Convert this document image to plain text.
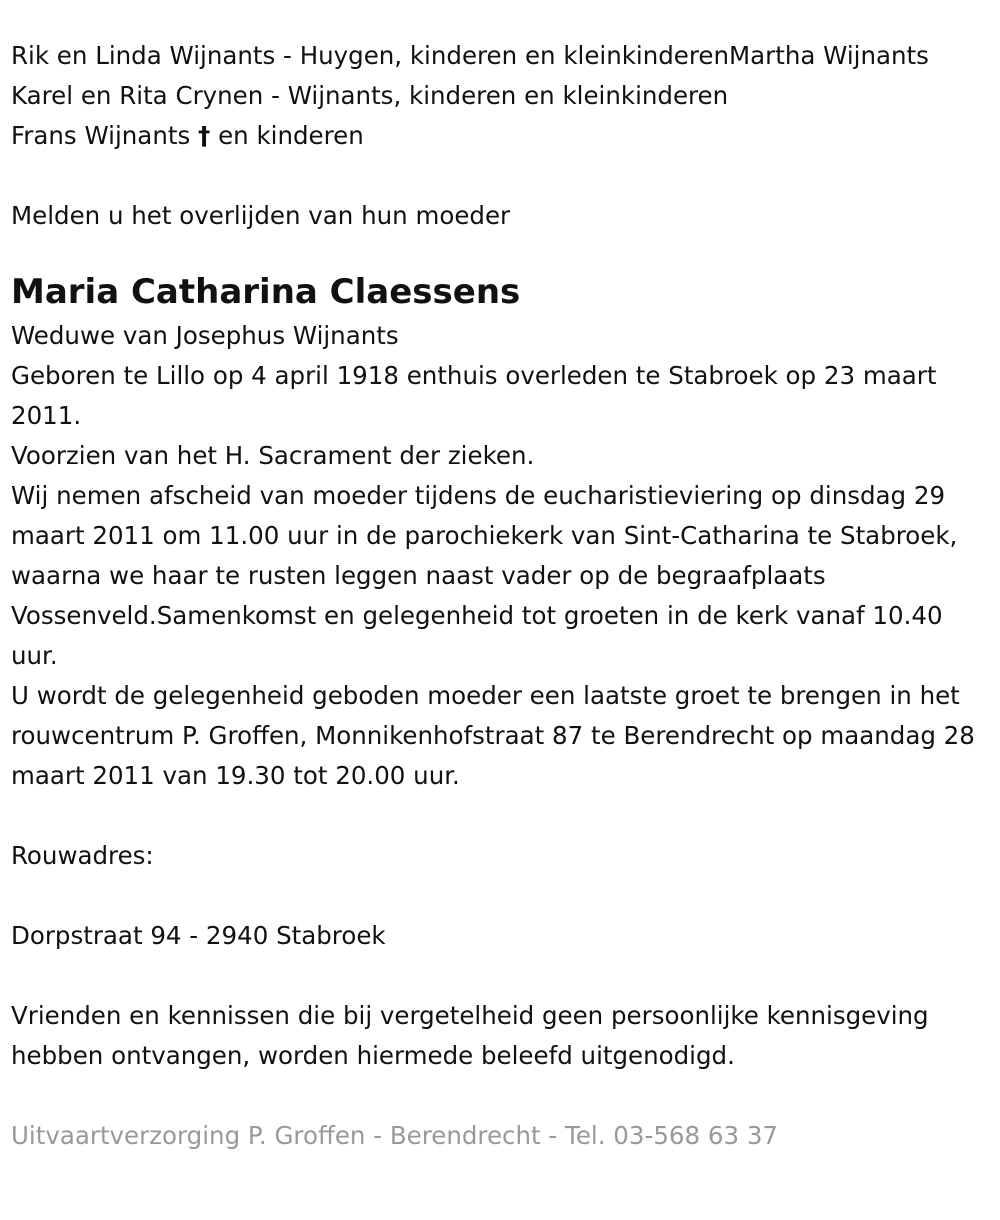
Rik en Linda Wijnants - Huygen, kinderen en kleinkinderenMartha Wijnants

Karel en Rita Crynen - Wijnants, kinderen en kleinkinderen

Frans Wijnants † en kinderen

Melden u het overlijden van hun moeder

Maria Catharina Claessens

Weduwe van Josephus Wijnants

Geboren te Lillo op 4 april 1918 enthuis overleden te Stabroek op 23 maart 2011.

Voorzien van het H. Sacrament der zieken.

Wij nemen afscheid van moeder tijdens de eucharistieviering op dinsdag 29 maart 2011 om 11.00 uur in de parochiekerk van Sint-Catharina te Stabroek, waarna we haar te rusten leggen naast vader op de begraafplaats Vossenveld.Samenkomst en gelegenheid tot groeten in de kerk vanaf 10.40 uur.

U wordt de gelegenheid geboden moeder een laatste groet te brengen in het rouwcentrum P. Groffen, Monnikenhofstraat 87 te Berendrecht op maandag 28 maart 2011 van 19.30 tot 20.00 uur.

Rouwadres:

Dorpstraat 94 - 2940 Stabroek

Vrienden en kennissen die bij vergetelheid geen persoonlijke kennisgeving hebben ontvangen, worden hiermede beleefd uitgenodigd.

Uitvaartverzorging P. Groffen - Berendrecht - Tel. 03-568 63 37
